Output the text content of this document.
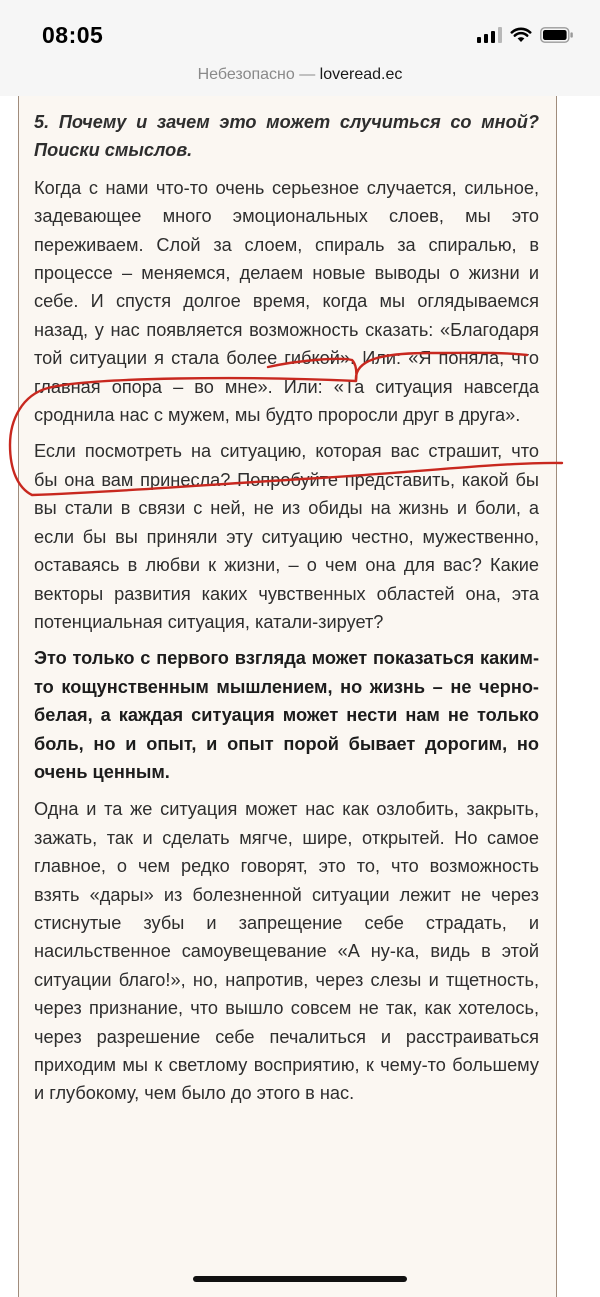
08:05
Небезопасно — loveread.ec

5. Почему и зачем это может случиться со мной? Поиски смыслов.

Когда с нами что-то очень серьезное случается, сильное, задевающее много эмоциональных слоев, мы это переживаем. Слой за слоем, спираль за спиралью, в процессе – меняемся, делаем новые выводы о жизни и себе. И спустя долгое время, когда мы оглядываемся назад, у нас появляется возможность сказать: «Благодаря той ситуации я стала более гибкой». Или: «Я поняла, что главная опора – во мне». Или: «Та ситуация навсегда сроднила нас с мужем, мы будто проросли друг в друга».

Если посмотреть на ситуацию, которая вас страшит, что бы она вам принесла? Попробуйте представить, какой бы вы стали в связи с ней, не из обиды на жизнь и боли, а если бы вы приняли эту ситуацию честно, мужественно, оставаясь в любви к жизни, – о чем она для вас? Какие векторы развития каких чувственных областей она, эта потенциальная ситуация, катали-зирует?

Это только с первого взгляда может показаться каким-то кощунственным мышлением, но жизнь – не черно-белая, а каждая ситуация может нести нам не только боль, но и опыт, и опыт порой бывает дорогим, но очень ценным.

Одна и та же ситуация может нас как озлобить, закрыть, зажать, так и сделать мягче, шире, открытей. Но самое главное, о чем редко говорят, это то, что возможность взять «дары» из болезненной ситуации лежит не через стиснутые зубы и запрещение себе страдать, и насильственное самоувещевание «А ну-ка, видь в этой ситуации благо!», но, напротив, через слезы и тщетность, через признание, что вышло совсем не так, как хотелось, через разрешение себе печалиться и расстраиваться приходим мы к светлому восприятию, к чему-то большему и глубокому, чем было до этого в нас.
